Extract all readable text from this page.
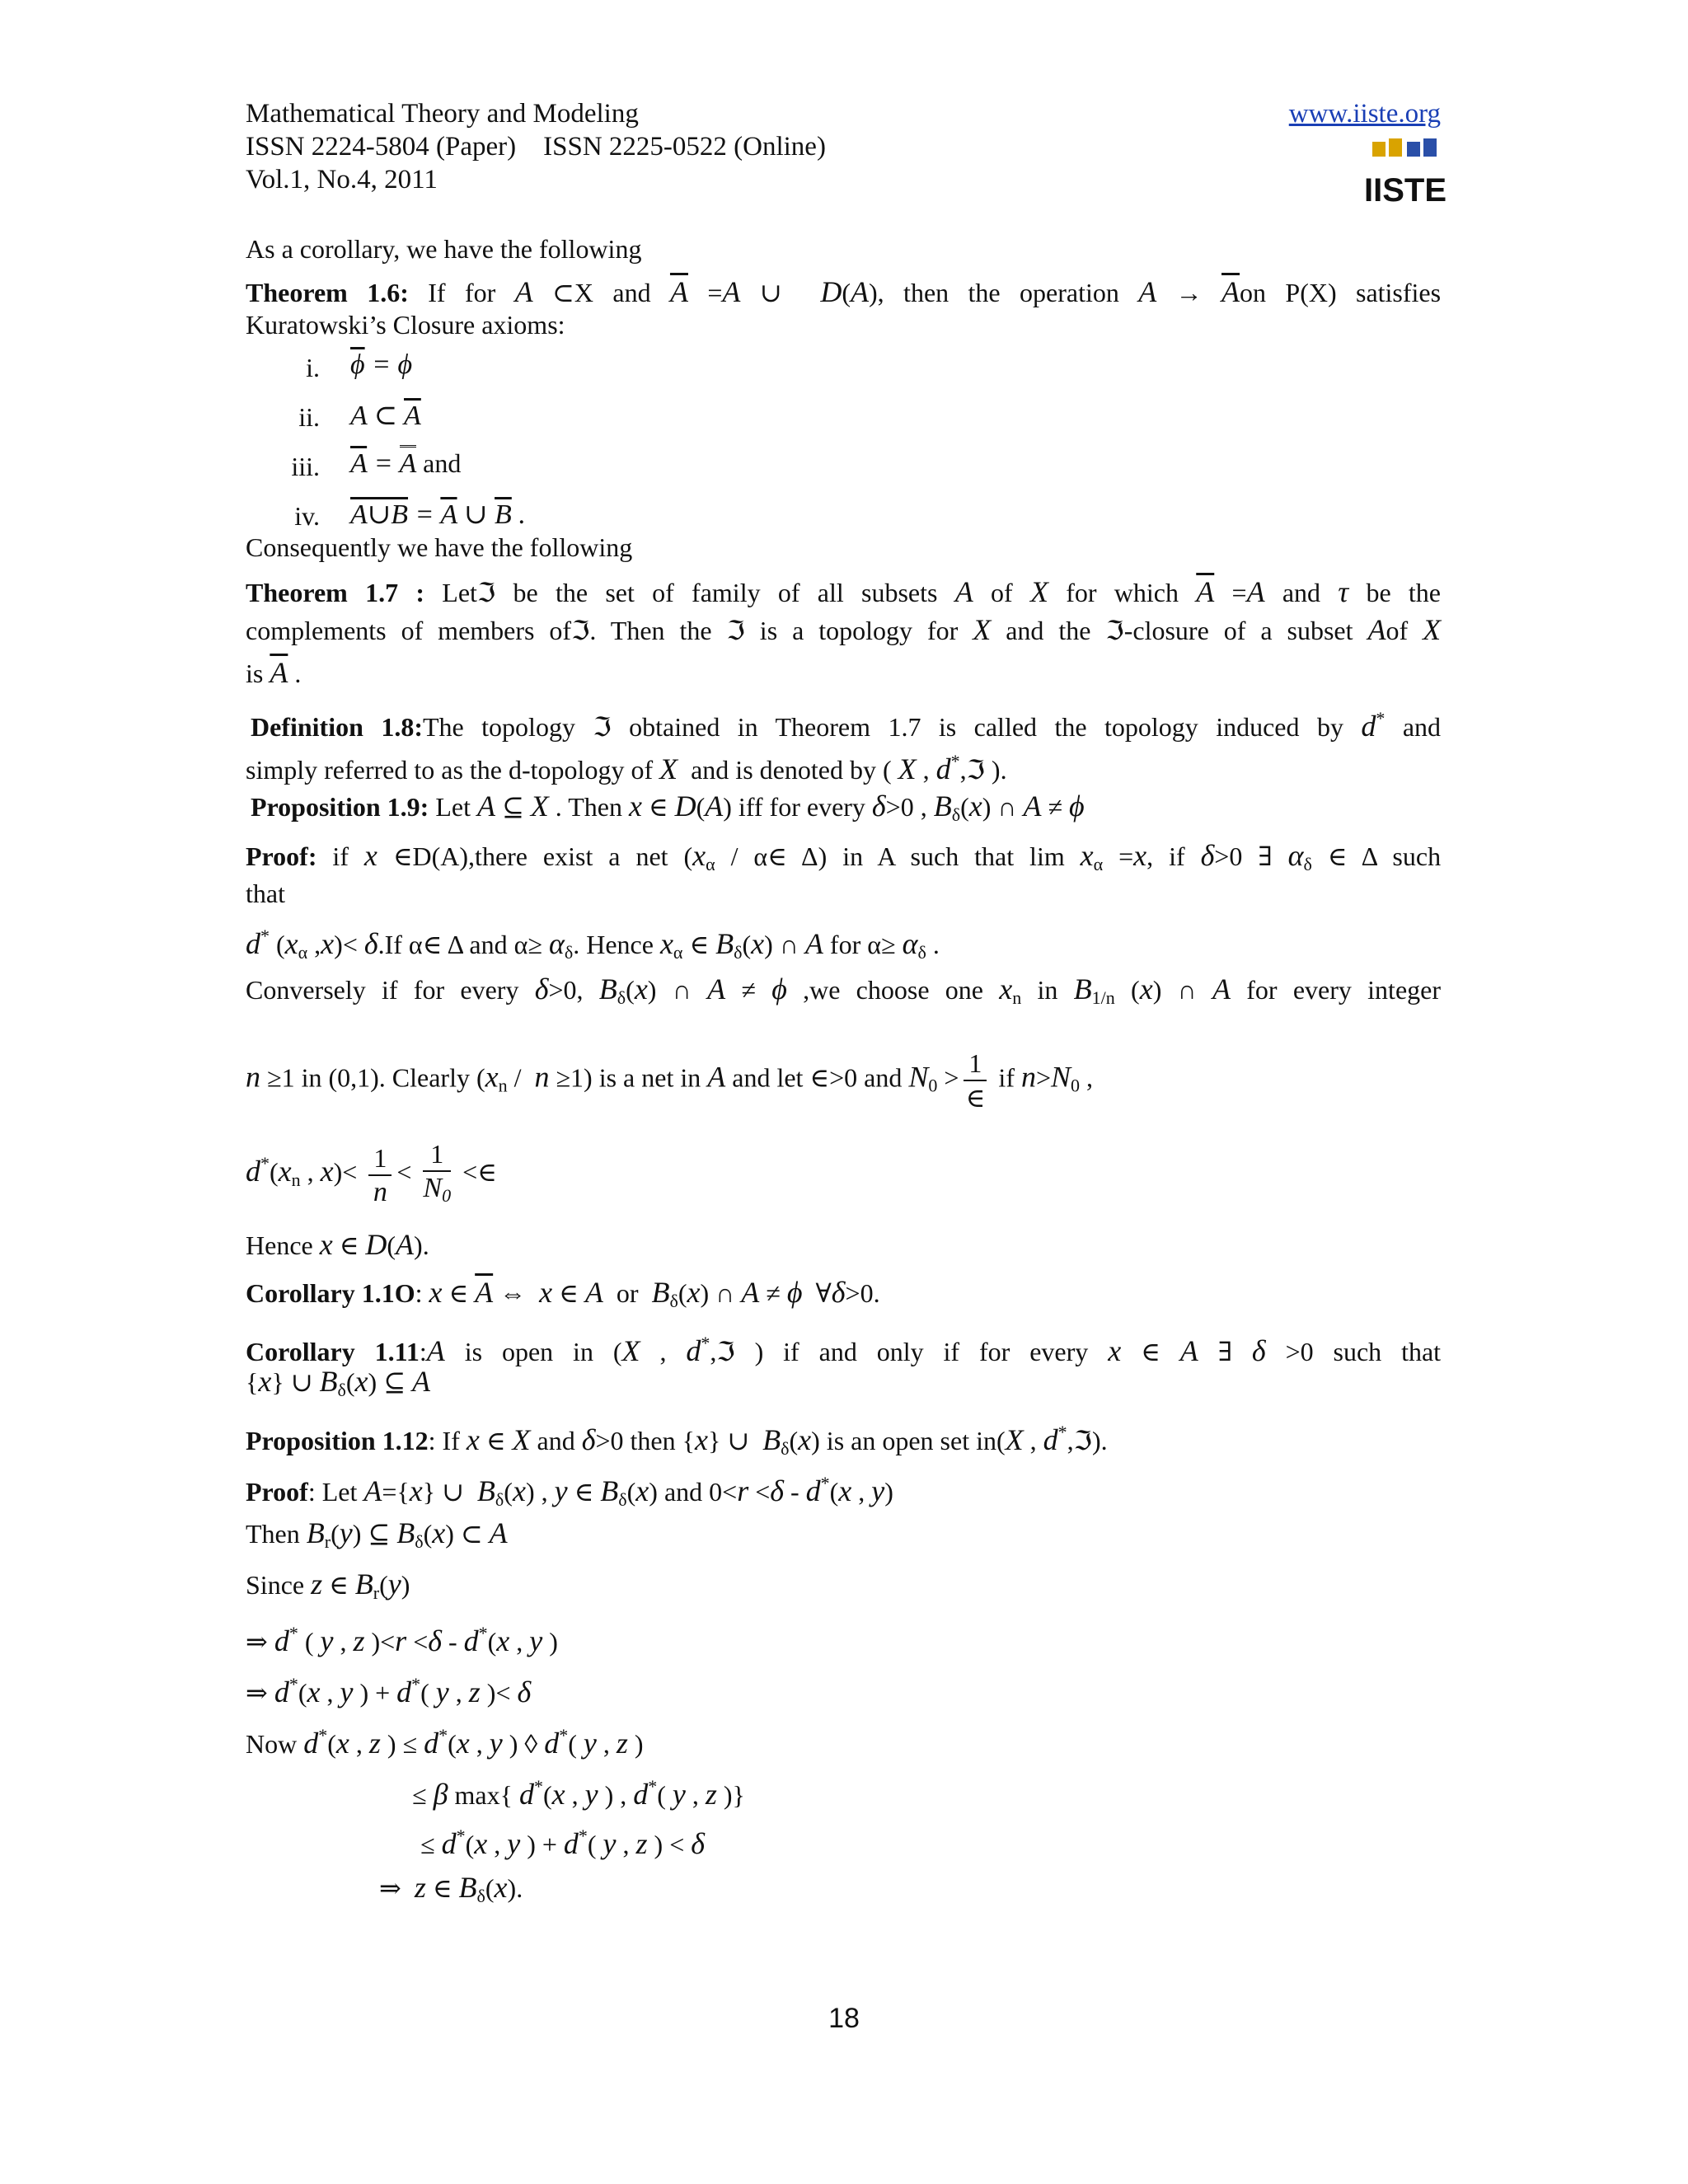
Mathematical Theory and Modeling
ISSN 2224-5804 (Paper)    ISSN 2225-0522 (Online)
Vol.1, No.4, 2011
www.iiste.org
IISTE
As a corollary, we have the following
Theorem 1.6: If for A ⊂X and $\overline{A} =A$ ∪  D(A), then the operation $A \to \overline{A}on$ P(X) satisfies
Kuratowski’s Closure axioms:
i. $\overline{\phi} = \phi$
ii. A ⊂ $\overline{A}$
iii. $\overline{A} = A$ and
iv. A∪B = $\overline{A}$ ∪ $\overline{B}$ .
Consequently we have the following
Theorem 1.7 : Letℑ be the set of family of all subsets A of X for which $\overline{A} =A$ and τ be the
complements of members ofℑ. Then the ℑ is a topology for X and the ℑ-closure of a subset Aof X
is $\overline{A}$ .
Definition 1.8:The topology ℑ obtained in Theorem 1.7 is called the topology induced by d* and
simply referred to as the d-topology of X and is denoted by ( X , d*,ℑ ).
Proposition 1.9: Let A ⊆ X . Then x ∈ D(A) iff for every δ>0 , $B_\delta(x)$ ∩ A ≠ ϕ
Proof: if x ∈D(A),there exist a net ($x_\alpha$ / α∈ Δ) in A such that $\lim x_\alpha =x$, if δ>0 ∃ $\alpha_\delta$ ∈ Δ such
that
d* ($x_\alpha$ ,x)< δ.If α∈ Δ and $\alpha\ge \alpha_\delta$. Hence $x_\alpha$ ∈ $B_\delta(x)$ ∩ A for $\alpha\ge \alpha_\delta$ .
Conversely if for every δ>0, $B_\delta(x)$ ∩ A ≠ ϕ ,we choose one $x_n$ in $B_{1/n}$ (x) ∩ A for every integer
n ≥1 in (0,1). Clearly $(x_n / n \ge 1)$ is a net in A and let ∈>0 and $N_0 > \frac{1}{\in}$ if $n>N_0$ ,
$d^*(x_n$ , $x)< \frac{1}{n} < \frac{1}{N_0}$ <∈
Hence x ∈ D(A).
Corollary 1.1O: x ∈ $\overline{A}$ ⇔  x ∈ A or $B_\delta(x)$ ∩ A ≠ ϕ ∀δ>0.
Corollary 1.11:A is open in (X , d*,ℑ ) if and only if for every x ∈ A ∃ δ >0 such that
{x} ∪ $B_\delta(x)$ ⊆ A
Proposition 1.12: If x ∈ X and δ>0 then {x} ∪  $B_\delta(x)$ is an open set in(X , d*,ℑ).
Proof: Let A={x} ∪  $B_\delta(x)$ , y ∈ $B_\delta(x)$ and 0<r <δ - d*(x , y)
Then $B_r(y)$ ⊆ $B_\delta(x)$ ⊂ A
Since z ∈ $B_r(y)$
⇒ d* ( y , z )<r <δ - d*(x , y )
⇒ d*(x , y ) + d*( y , z )< δ
Now d*(x , z ) ≤ d*(x , y ) ◊ d*( y , z )
≤ β max{ d*(x , y ) , d*( y , z )}
≤ d*(x , y ) + d*( y , z ) < δ
⇒  z ∈ $B_\delta(x)$.
18
